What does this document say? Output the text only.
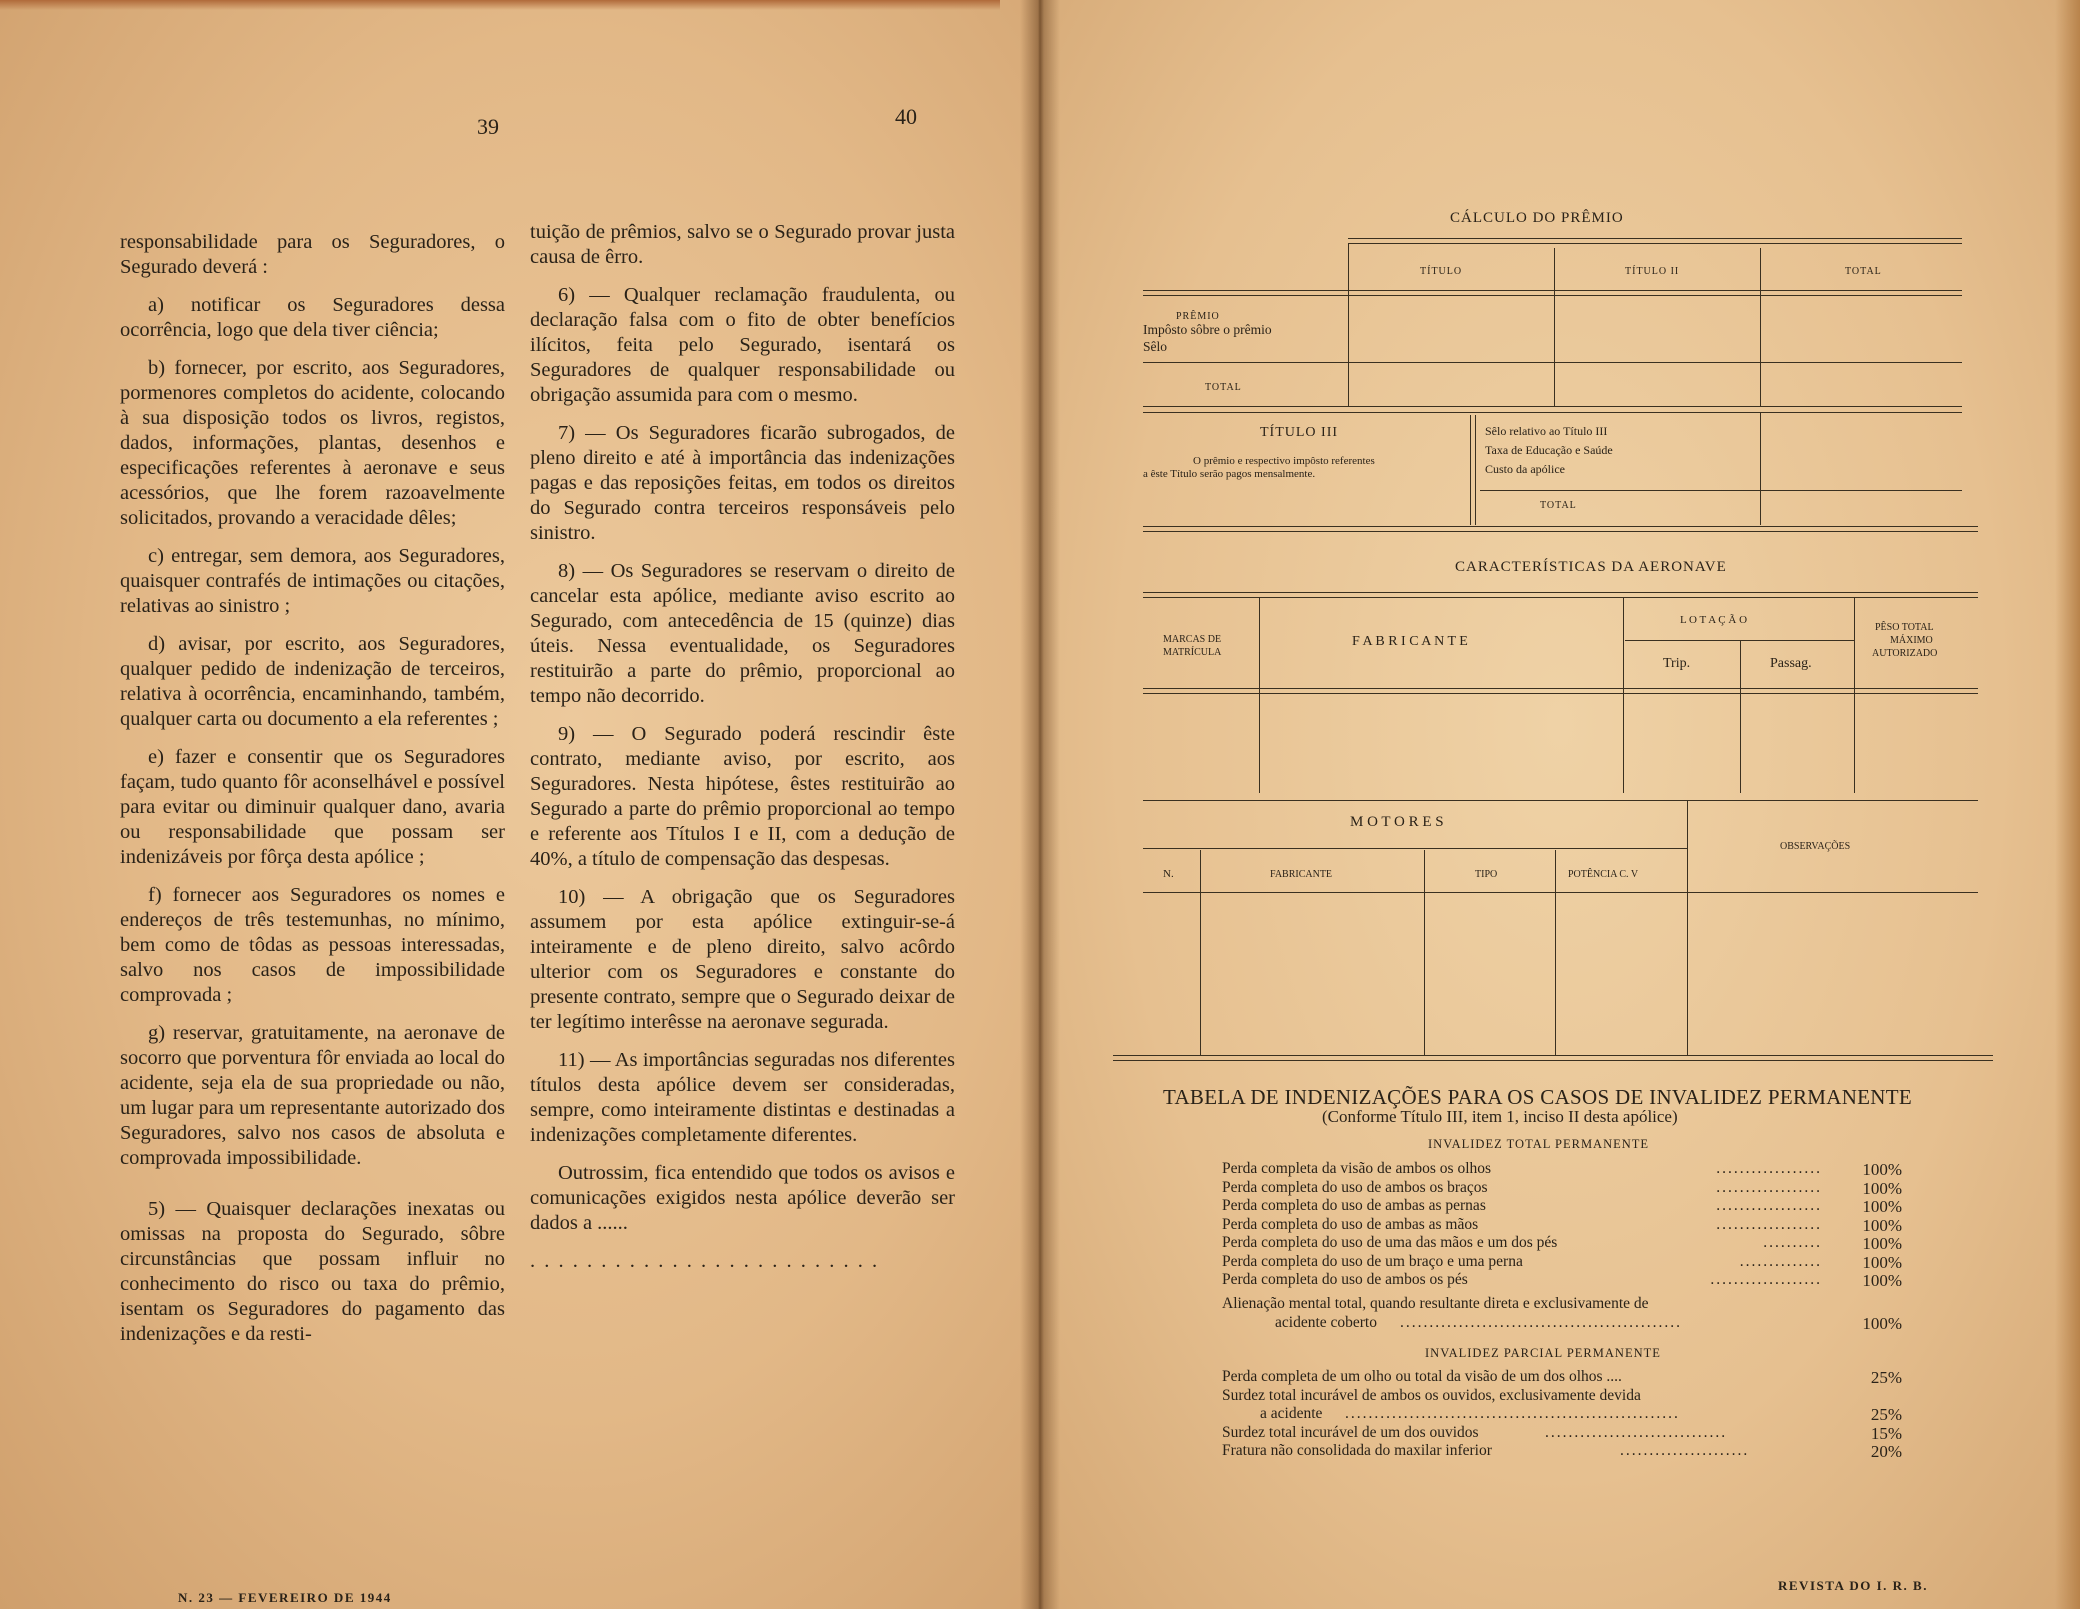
39	40

responsabilidade para os Seguradores, o Segurado deverá :

a) notificar os Seguradores dessa ocorrência, logo que dela tiver ciência;

b) fornecer, por escrito, aos Seguradores, pormenores completos do acidente, colocando à sua disposição todos os livros, registos, dados, informações, plantas, desenhos e especificações referentes à aeronave e seus acessórios, que lhe forem razoavelmente solicitados, provando a veracidade dêles;

c) entregar, sem demora, aos Seguradores, quaisquer contrafés de intimações ou citações, relativas ao sinistro ;

d) avisar, por escrito, aos Seguradores, qualquer pedido de indenização de terceiros, relativa à ocorrência, encaminhando, também, qualquer carta ou documento a ela referentes ;

e) fazer e consentir que os Seguradores façam, tudo quanto fôr aconselhável e possível para evitar ou diminuir qualquer dano, avaria ou responsabilidade que possam ser indenizáveis por fôrça desta apólice ;

f) fornecer aos Seguradores os nomes e endereços de três testemunhas, no mínimo, bem como de tôdas as pessoas interessadas, salvo nos casos de impossibilidade comprovada ;

g) reservar, gratuitamente, na aeronave de socorro que porventura fôr enviada ao local do acidente, seja ela de sua propriedade ou não, um lugar para um representante autorizado dos Seguradores, salvo nos casos de absoluta e comprovada impossibilidade.

5) — Quaisquer declarações inexatas ou omissas na proposta do Segurado, sôbre circunstâncias que possam influir no conhecimento do risco ou taxa do prêmio, isentam os Seguradores do pagamento das indenizações e da resti-

tuição de prêmios, salvo se o Segurado provar justa causa de êrro.

6) — Qualquer reclamação fraudulenta, ou declaração falsa com o fito de obter benefícios ilícitos, feita pelo Segurado, isentará os Seguradores de qualquer responsabilidade ou obrigação assumida para com o mesmo.

7) — Os Seguradores ficarão subrogados, de pleno direito e até à importância das indenizações pagas e das reposições feitas, em todos os direitos do Segurado contra terceiros responsáveis pelo sinistro.

8) — Os Seguradores se reservam o direito de cancelar esta apólice, mediante aviso escrito ao Segurado, com antecedência de 15 (quinze) dias úteis. Nessa eventualidade, os Seguradores restituirão a parte do prêmio, proporcional ao tempo não decorrido.

9) — O Segurado poderá rescindir êste contrato, mediante aviso, por escrito, aos Seguradores. Nesta hipótese, êstes restituirão ao Segurado a parte do prêmio proporcional ao tempo e referente aos Títulos I e II, com a dedução de 40%, a título de compensação das despesas.

10) — A obrigação que os Seguradores assumem por esta apólice extinguir-se-á inteiramente e de pleno direito, salvo acôrdo ulterior com os Seguradores e constante do presente contrato, sempre que o Segurado deixar de ter legítimo interêsse na aeronave segurada.

11) — As importâncias seguradas nos diferentes títulos desta apólice devem ser consideradas, sempre, como inteiramente distintas e destinadas a indenizações completamente diferentes.

Outrossim, fica entendido que todos os avisos e comunicações exigidos nesta apólice deverão ser dados a ......

. . . . . . . . . . . . . . . . . . . . . . . . .

N. 23 — FEVEREIRO DE 1944
CÁLCULO DO PRÊMIO
TÍTULO	TÍTULO II	TOTAL
PRÊMIO
Impôsto sôbre o prêmio
Sêlo
TOTAL
TÍTULO III
O prêmio e respectivo impôsto referentes
a êste Título serão pagos mensalmente.
Sêlo relativo ao Título III
Taxa de Educação e Saúde
Custo da apólice
TOTAL
CARACTERÍSTICAS DA AERONAVE
MARCAS DE
MATRÍCULA
F A B R I C A N T E
L O T A Ç Ã O
Trip.	Passag.
PÊSO TOTAL
MÁXIMO
AUTORIZADO
M O T O R E S
OBSERVAÇÕES
N.	FABRICANTE	TIPO	POTÊNCIA C. V
TABELA DE INDENIZAÇÕES PARA OS CASOS DE INVALIDEZ PERMANENTE
(Conforme Título III, item 1, inciso II desta apólice)
INVALIDEZ TOTAL PERMANENTE
Perda completa da visão de ambos os olhos	..................	100%
Perda completa do uso de ambos os braços	..................	100%
Perda completa do uso de ambas as pernas	..................	100%
Perda completa do uso de ambas as mãos	..................	100%
Perda completa do uso de uma das mãos e um dos pés	..........	100%
Perda completa do uso de um braço e uma perna	..............	100%
Perda completa do uso de ambos os pés	...................	100%
Alienação mental total, quando resultante direta e exclusivamente de
acidente coberto ................................................	100%
INVALIDEZ PARCIAL PERMANENTE
Perda completa de um olho ou total da visão de um dos olhos ....	25%
Surdez total incurável de ambos os ouvidos, exclusivamente devida
a acidente .........................................................	25%
Surdez total incurável de um dos ouvidos	...............................	15%
Fratura não consolidada do maxilar inferior	......................	20%
REVISTA DO I. R. B.
